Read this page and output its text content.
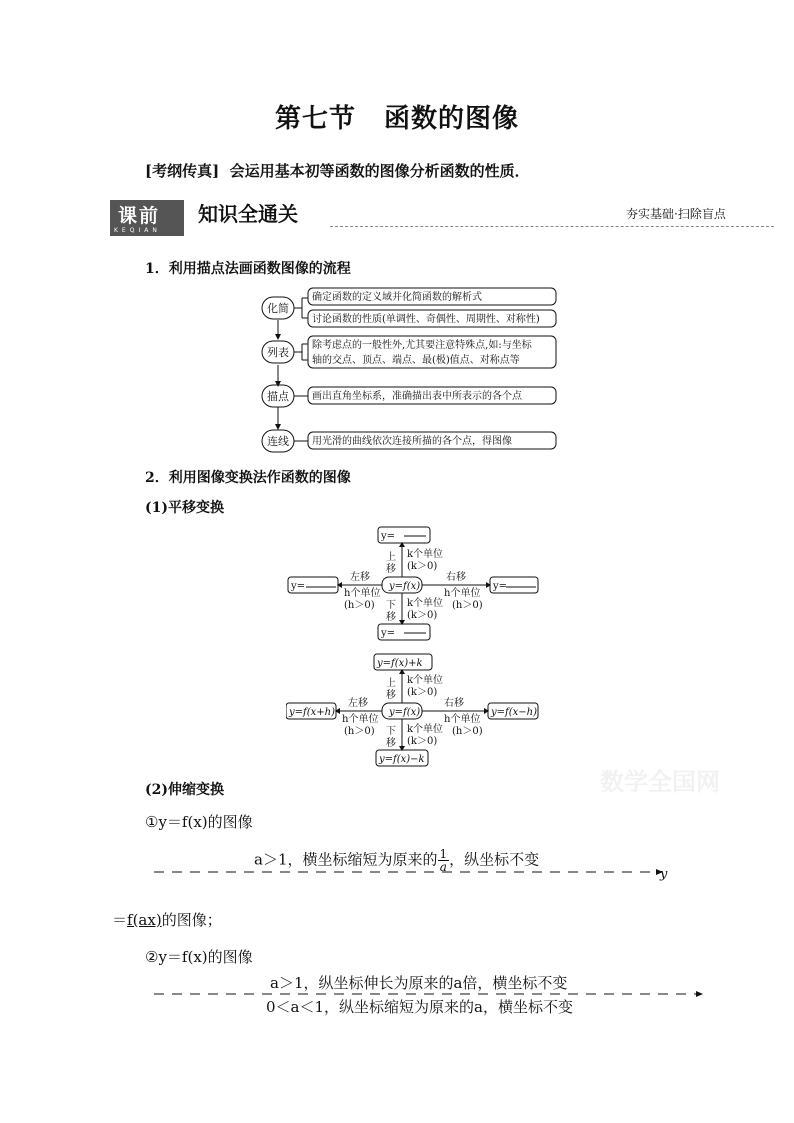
第七节 函数的图像
[考纲传真] 会运用基本初等函数的图像分析函数的性质．
课前
KEQIAN
知识全通关	夯实基础·扫除盲点
1．利用描点法画函数图像的流程
化简
列表
描点
连线
确定函数的定义域并化简函数的解析式
讨论函数的性质(单调性、奇偶性、周期性、对称性)
除考虑点的一般性外,尤其要注意特殊点,如:与坐标
轴的交点、顶点、端点、最(极)值点、对称点等
画出直角坐标系，准确描出表中所表示的各个点
用光滑的曲线依次连接所描的各个点，得图像
2．利用图像变换法作函数的图像
(1)平移变换
y=
y=f(x)
y=
y=	y=
上
移
下
移
k个单位
(k＞0)
k个单位
(k＞0)
左移
h个单位
(h＞0)
右移
h个单位
(h＞0)
y=f(x)+k
y=f(x)
y=f(x)−k
y=f(x+h)	y=f(x−h)
上
移
下
移
k个单位
(k＞0)
k个单位
(k＞0)
左移
h个单位
(h＞0)
右移
h个单位
(h＞0)
数学全国网
(2)伸缩变换
①y＝f(x)的图像
a＞1，横坐标缩短为原来的 $\frac{1}{a}$ ，纵坐标不变
y
＝f(ax)的图像；
②y＝f(x)的图像
a＞1，纵坐标伸长为原来的a倍，横坐标不变
0＜a＜1，纵坐标缩短为原来的a，横坐标不变
